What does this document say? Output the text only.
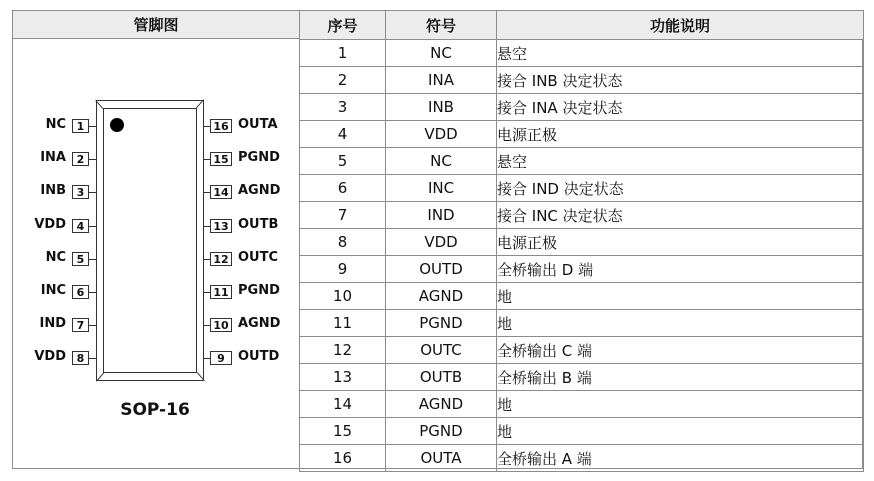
管脚图
SOP-16
NC 1
INA 2
INB 3
VDD 4
NC 5
INC 6
IND 7
VDD 8
16 OUTA
15 PGND
14 AGND
13 OUTB
12 OUTC
11 PGND
10 AGND
9	OUTD
序号	符号	功能说明
1	NC	悬空
2	INA	接合 INB 决定状态
3	INB	接合 INA 决定状态
4	VDD	电源正极
5	NC	悬空
6	INC	接合 IND 决定状态
7	IND	接合 INC 决定状态
8	VDD	电源正极
9	OUTD	全桥输出 D 端
10	AGND	地
11	PGND	地
12	OUTC	全桥输出 C 端
13	OUTB	全桥输出 B 端
14	AGND	地
15	PGND	地
16	OUTA	全桥输出 A 端
